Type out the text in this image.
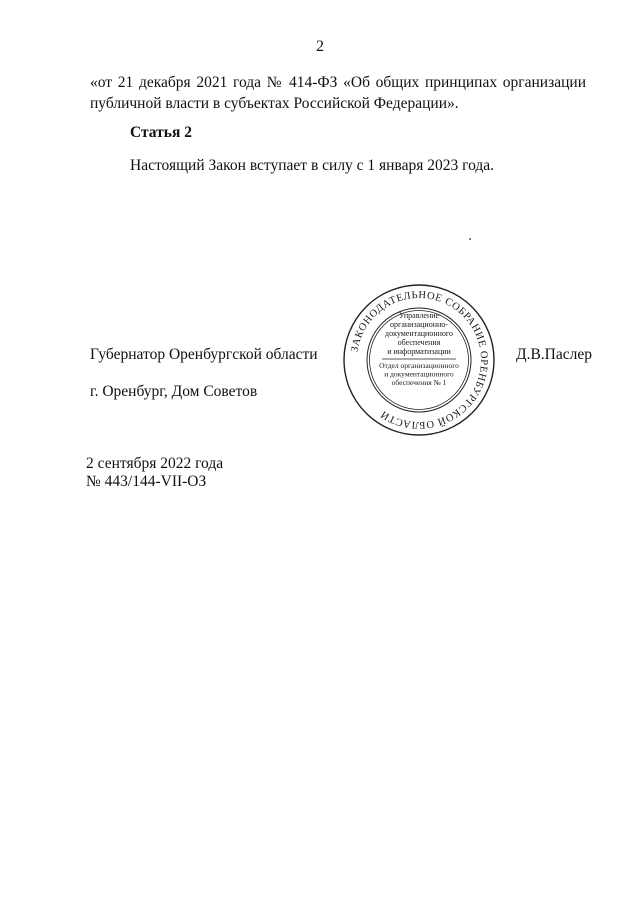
2
«от 21 декабря 2021 года № 414-ФЗ «Об общих принципах организации
публичной власти в субъектах Российской Федерации».
Статья 2
Настоящий Закон вступает в силу с 1 января 2023 года.
Губернатор Оренбургской области	Д.В.Паслер
г. Оренбург, Дом Советов
ЗАКОНОДАТЕЛЬНОЕ СОБРАНИЕ ОРЕНБУРГСКОЙ ОБЛАСТИ
Управление
организационно-
документационного
обеспечения
и информатизации
Отдел организационного
и документационного
обеспечения № 1
2 сентября 2022 года
№ 443/144-VII-ОЗ
